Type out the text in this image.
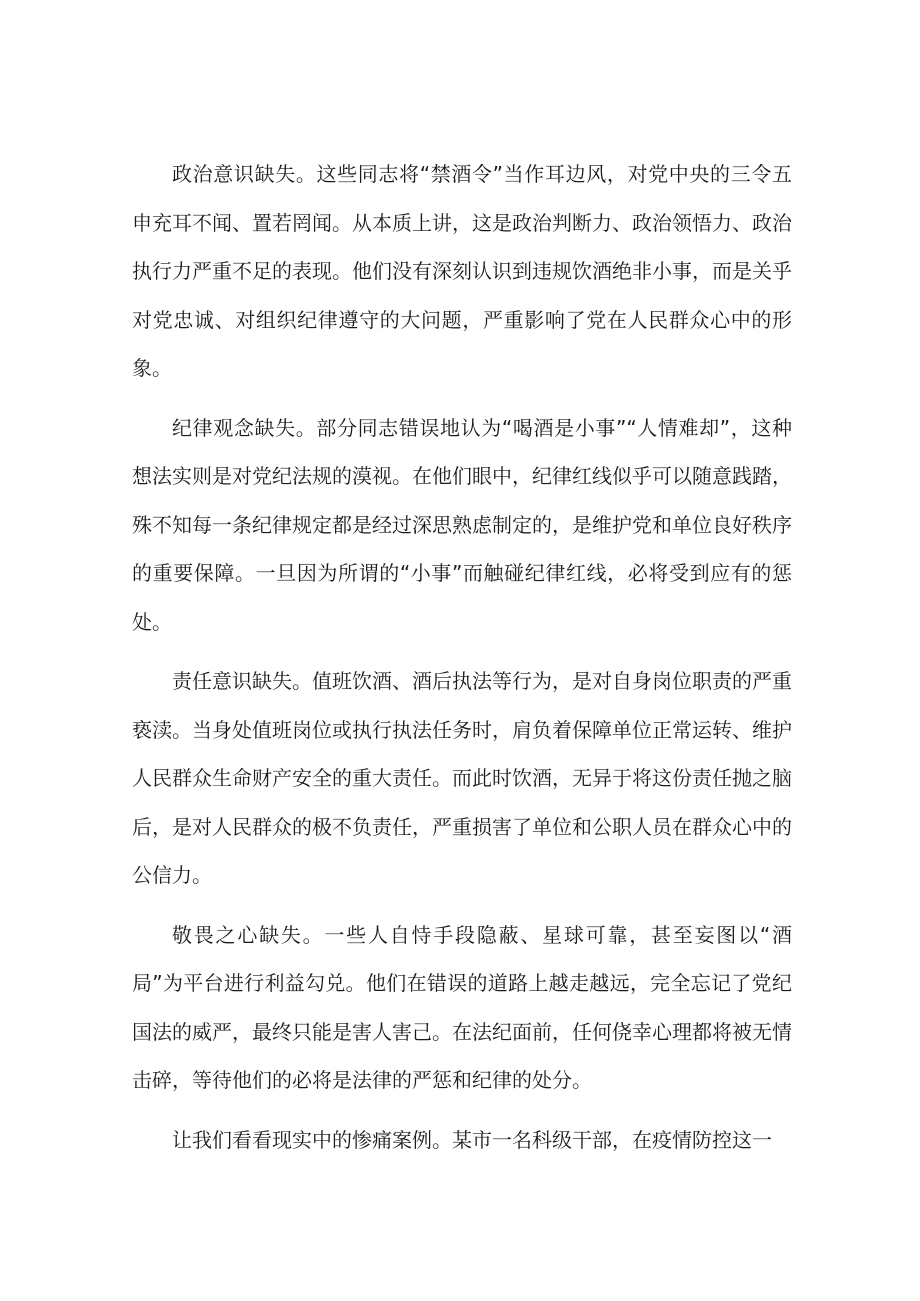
政治意识缺失。这些同志将“禁酒令”当作耳边风，对党中央的三令五申充耳不闻、置若罔闻。从本质上讲，这是政治判断力、政治领悟力、政治执行力严重不足的表现。他们没有深刻认识到违规饮酒绝非小事，而是关乎对党忠诚、对组织纪律遵守的大问题，严重影响了党在人民群众心中的形象。

纪律观念缺失。部分同志错误地认为“喝酒是小事”“人情难却”，这种想法实则是对党纪法规的漠视。在他们眼中，纪律红线似乎可以随意践踏，殊不知每一条纪律规定都是经过深思熟虑制定的，是维护党和单位良好秩序的重要保障。一旦因为所谓的“小事”而触碰纪律红线，必将受到应有的惩处。

责任意识缺失。值班饮酒、酒后执法等行为，是对自身岗位职责的严重亵渎。当身处值班岗位或执行执法任务时，肩负着保障单位正常运转、维护人民群众生命财产安全的重大责任。而此时饮酒，无异于将这份责任抛之脑后，是对人民群众的极不负责任，严重损害了单位和公职人员在群众心中的公信力。

敬畏之心缺失。一些人自恃手段隐蔽、星球可靠，甚至妄图以“酒局”为平台进行利益勾兑。他们在错误的道路上越走越远，完全忘记了党纪国法的威严，最终只能是害人害己。在法纪面前，任何侥幸心理都将被无情击碎，等待他们的必将是法律的严惩和纪律的处分。

让我们看看现实中的惨痛案例。某市一名科级干部，在疫情防控这一
